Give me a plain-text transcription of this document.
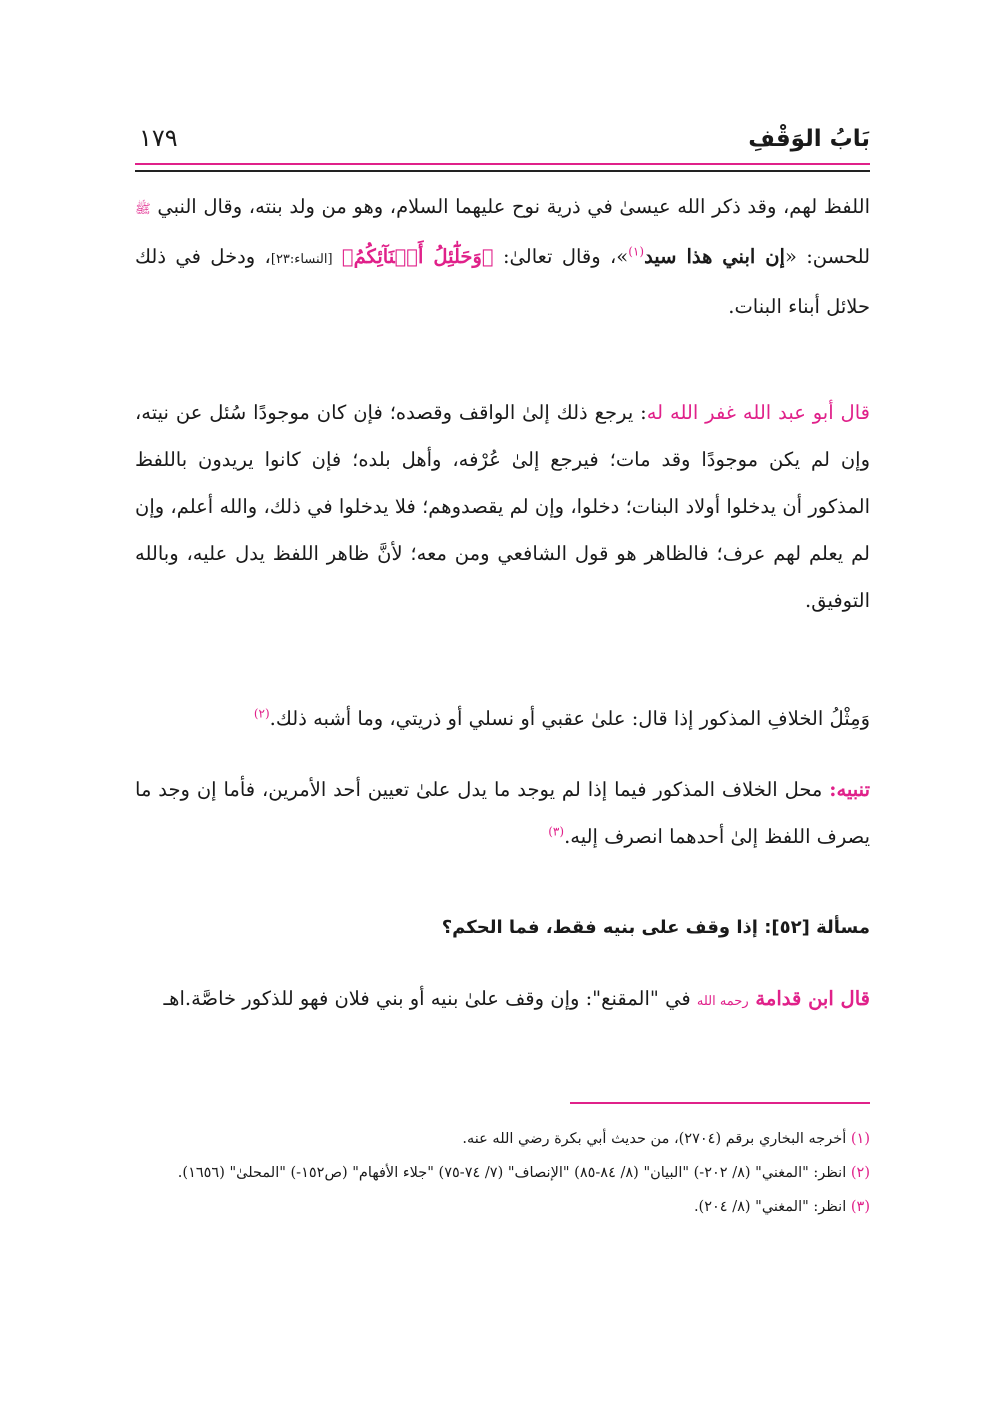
بَابُ الوَقْفِ
١٧٩

اللفظ لهم، وقد ذكر الله عيسىٰ في ذرية نوح عليهما السلام، وهو من ولد بنته، وقال النبي ﷺ للحسن: «إن ابني هذا سيد$^{(١)}$»، وقال تعالىٰ: ﴿وَحَلَٰٓئِلُ أَبۡنَآئِكُمُ﴾ [النساء:٢٣]، ودخل في ذلك حلائل أبناء البنات.

قال أبو عبد الله غفر الله له: يرجع ذلك إلىٰ الواقف وقصده؛ فإن كان موجودًا سُئل عن نيته، وإن لم يكن موجودًا وقد مات؛ فيرجع إلىٰ عُرْفه، وأهل بلده؛ فإن كانوا يريدون باللفظ المذكور أن يدخلوا أولاد البنات؛ دخلوا، وإن لم يقصدوهم؛ فلا يدخلوا في ذلك، والله أعلم، وإن لم يعلم لهم عرف؛ فالظاهر هو قول الشافعي ومن معه؛ لأنَّ ظاهر اللفظ يدل عليه، وبالله التوفيق.

وَمِثْلُ الخلافِ المذكور إذا قال: علىٰ عقبي أو نسلي أو ذريتي، وما أشبه ذلك.$^{(٢)}$

تنبيه: محل الخلاف المذكور فيما إذا لم يوجد ما يدل علىٰ تعيين أحد الأمرين، فأما إن وجد ما يصرف اللفظ إلىٰ أحدهما انصرف إليه.$^{(٣)}$

مسألة [٥٢]: إذا وقف على بنيه فقط، فما الحكم؟

قال ابن قدامة رحمه الله في "المقنع": وإن وقف علىٰ بنيه أو بني فلان فهو للذكور خاصَّة.اهـ

(١) أخرجه البخاري برقم (٢٧٠٤)، من حديث أبي بكرة رضي الله عنه.

(٢) انظر: "المغني" (٨/ ٢٠٢-) "البيان" (٨/ ٨٤-٨٥) "الإنصاف" (٧/ ٧٤-٧٥) "جلاء الأفهام" (ص١٥٢-) "المحلىٰ" (١٦٥٦).

(٣) انظر: "المغني" (٨/ ٢٠٤).
